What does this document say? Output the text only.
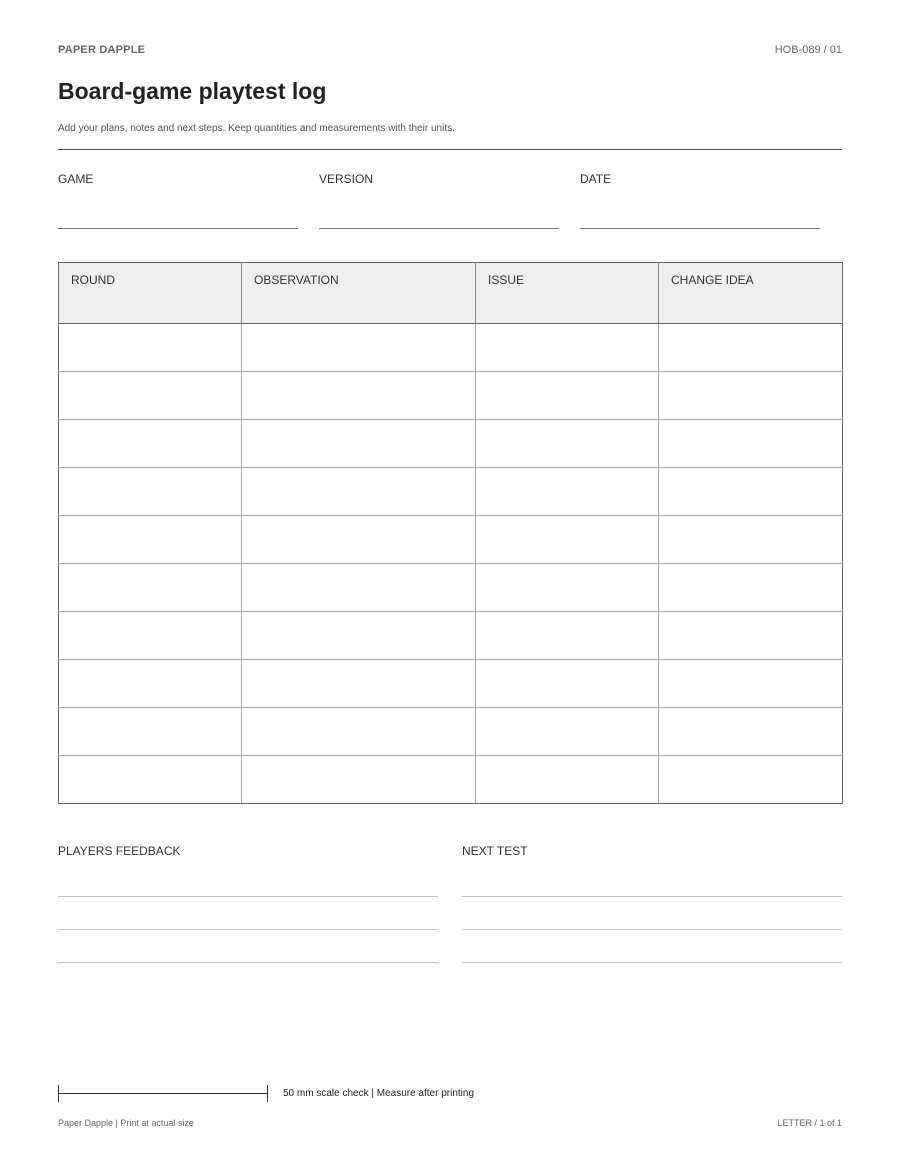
PAPER DAPPLE	HOB-089 / 01
Board-game playtest log
Add your plans, notes and next steps. Keep quantities and measurements with their units.
GAME	VERSION	DATE
ROUND	OBSERVATION	ISSUE	CHANGE IDEA

PLAYERS FEEDBACK	NEXT TEST
50 mm scale check | Measure after printing
Paper Dapple | Print at actual size	LETTER / 1 of 1
